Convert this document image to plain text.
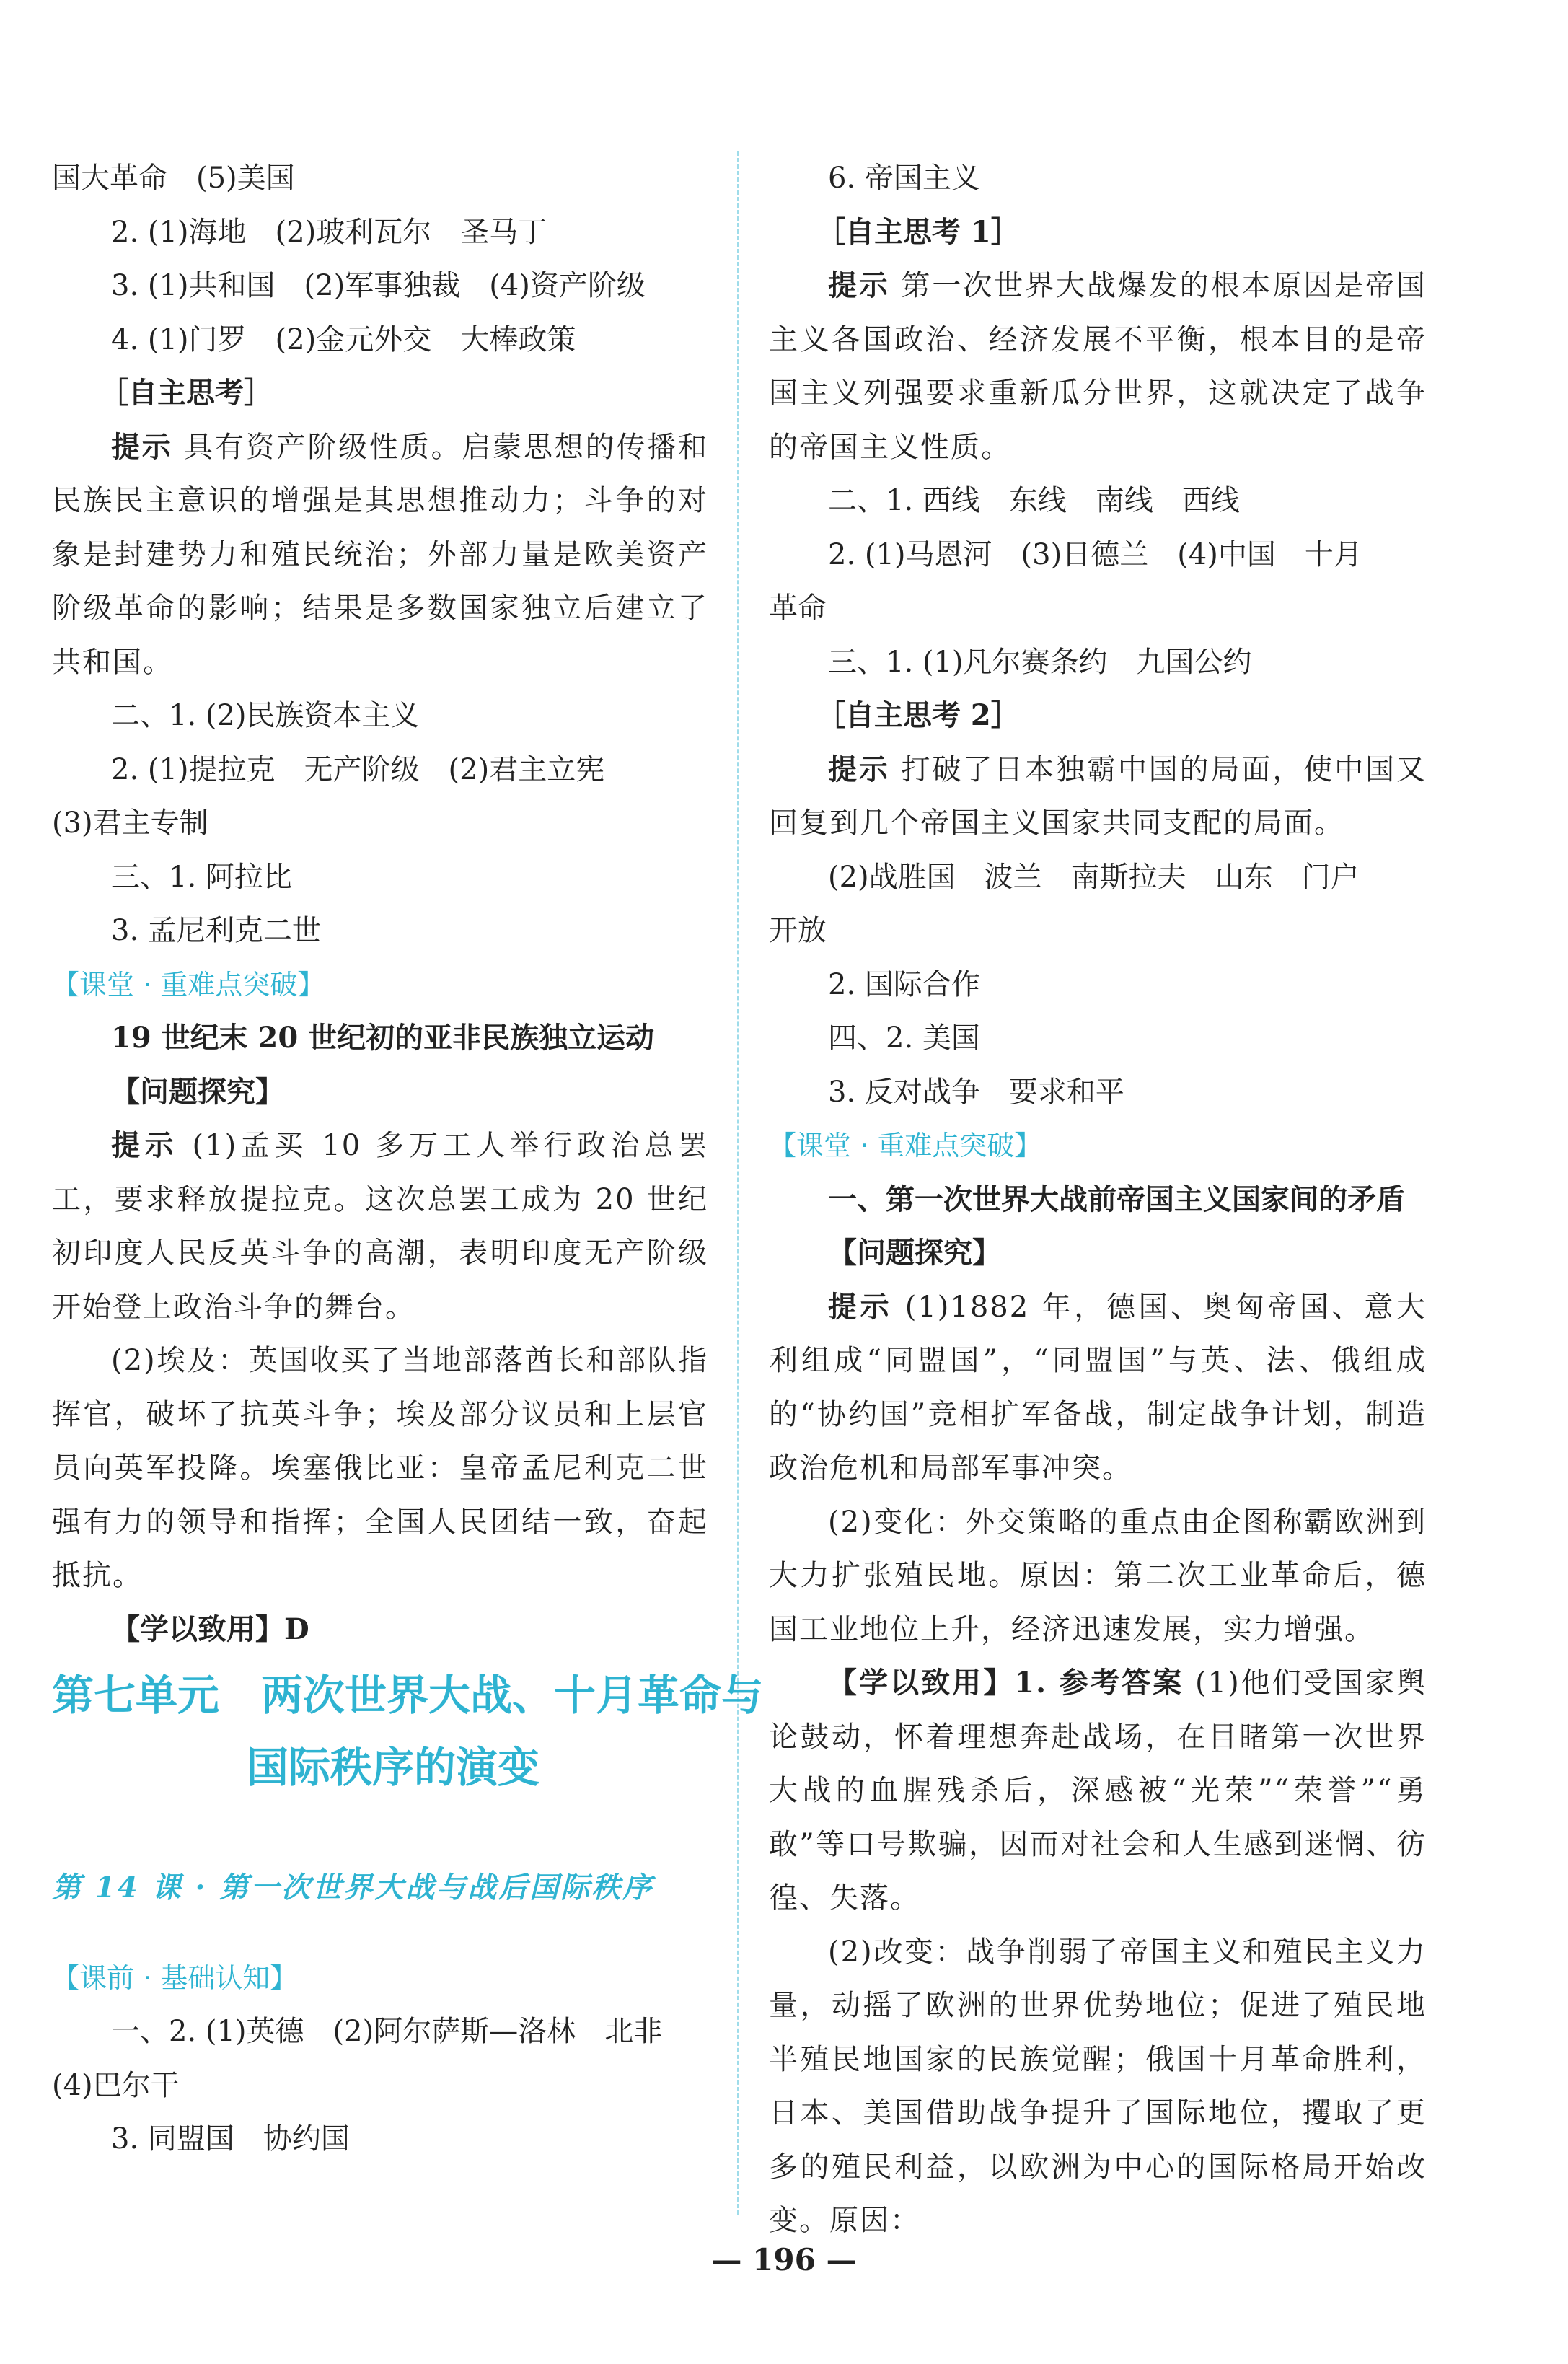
国大革命　(5)美国

2. (1)海地　(2)玻利瓦尔　圣马丁

3. (1)共和国　(2)军事独裁　(4)资产阶级

4. (1)门罗　(2)金元外交　大棒政策

［自主思考］

提示 具有资产阶级性质。启蒙思想的传播和民族民主意识的增强是其思想推动力；斗争的对象是封建势力和殖民统治；外部力量是欧美资产阶级革命的影响；结果是多数国家独立后建立了共和国。

二、1. (2)民族资本主义

2. (1)提拉克　无产阶级　(2)君主立宪

(3)君主专制

三、1. 阿拉比

3. 孟尼利克二世

【课堂 · 重难点突破】

19 世纪末 20 世纪初的亚非民族独立运动

【问题探究】

提示 (1)孟买 10 多万工人举行政治总罢工，要求释放提拉克。这次总罢工成为 20 世纪初印度人民反英斗争的高潮，表明印度无产阶级开始登上政治斗争的舞台。

(2)埃及：英国收买了当地部落酋长和部队指挥官，破坏了抗英斗争；埃及部分议员和上层官员向英军投降。埃塞俄比亚：皇帝孟尼利克二世强有力的领导和指挥；全国人民团结一致，奋起抵抗。

【学以致用】D

第七单元　两次世界大战、十月革命与

国际秩序的演变

第 14 课 · 第一次世界大战与战后国际秩序

【课前 · 基础认知】

一、2. (1)英德　(2)阿尔萨斯—洛林　北非

(4)巴尔干

3. 同盟国　协约国

6. 帝国主义

［自主思考 1］

提示 第一次世界大战爆发的根本原因是帝国主义各国政治、经济发展不平衡，根本目的是帝国主义列强要求重新瓜分世界，这就决定了战争的帝国主义性质。

二、1. 西线　东线　南线　西线

2. (1)马恩河　(3)日德兰　(4)中国　十月

革命

三、1. (1)凡尔赛条约　九国公约

［自主思考 2］

提示 打破了日本独霸中国的局面，使中国又回复到几个帝国主义国家共同支配的局面。

(2)战胜国　波兰　南斯拉夫　山东　门户

开放

2. 国际合作

四、2. 美国

3. 反对战争　要求和平

【课堂 · 重难点突破】

一、第一次世界大战前帝国主义国家间的矛盾

【问题探究】

提示 (1)1882 年，德国、奥匈帝国、意大利组成“同盟国”，“同盟国”与英、法、俄组成的“协约国”竞相扩军备战，制定战争计划，制造政治危机和局部军事冲突。

(2)变化：外交策略的重点由企图称霸欧洲到大力扩张殖民地。原因：第二次工业革命后，德国工业地位上升，经济迅速发展，实力增强。

【学以致用】1. 参考答案 (1)他们受国家舆论鼓动，怀着理想奔赴战场，在目睹第一次世界大战的血腥残杀后，深感被“光荣”“荣誉”“勇敢”等口号欺骗，因而对社会和人生感到迷惘、彷徨、失落。

(2)改变：战争削弱了帝国主义和殖民主义力量，动摇了欧洲的世界优势地位；促进了殖民地半殖民地国家的民族觉醒；俄国十月革命胜利，日本、美国借助战争提升了国际地位，攫取了更多的殖民利益，以欧洲为中心的国际格局开始改变。原因：

— 196 —
